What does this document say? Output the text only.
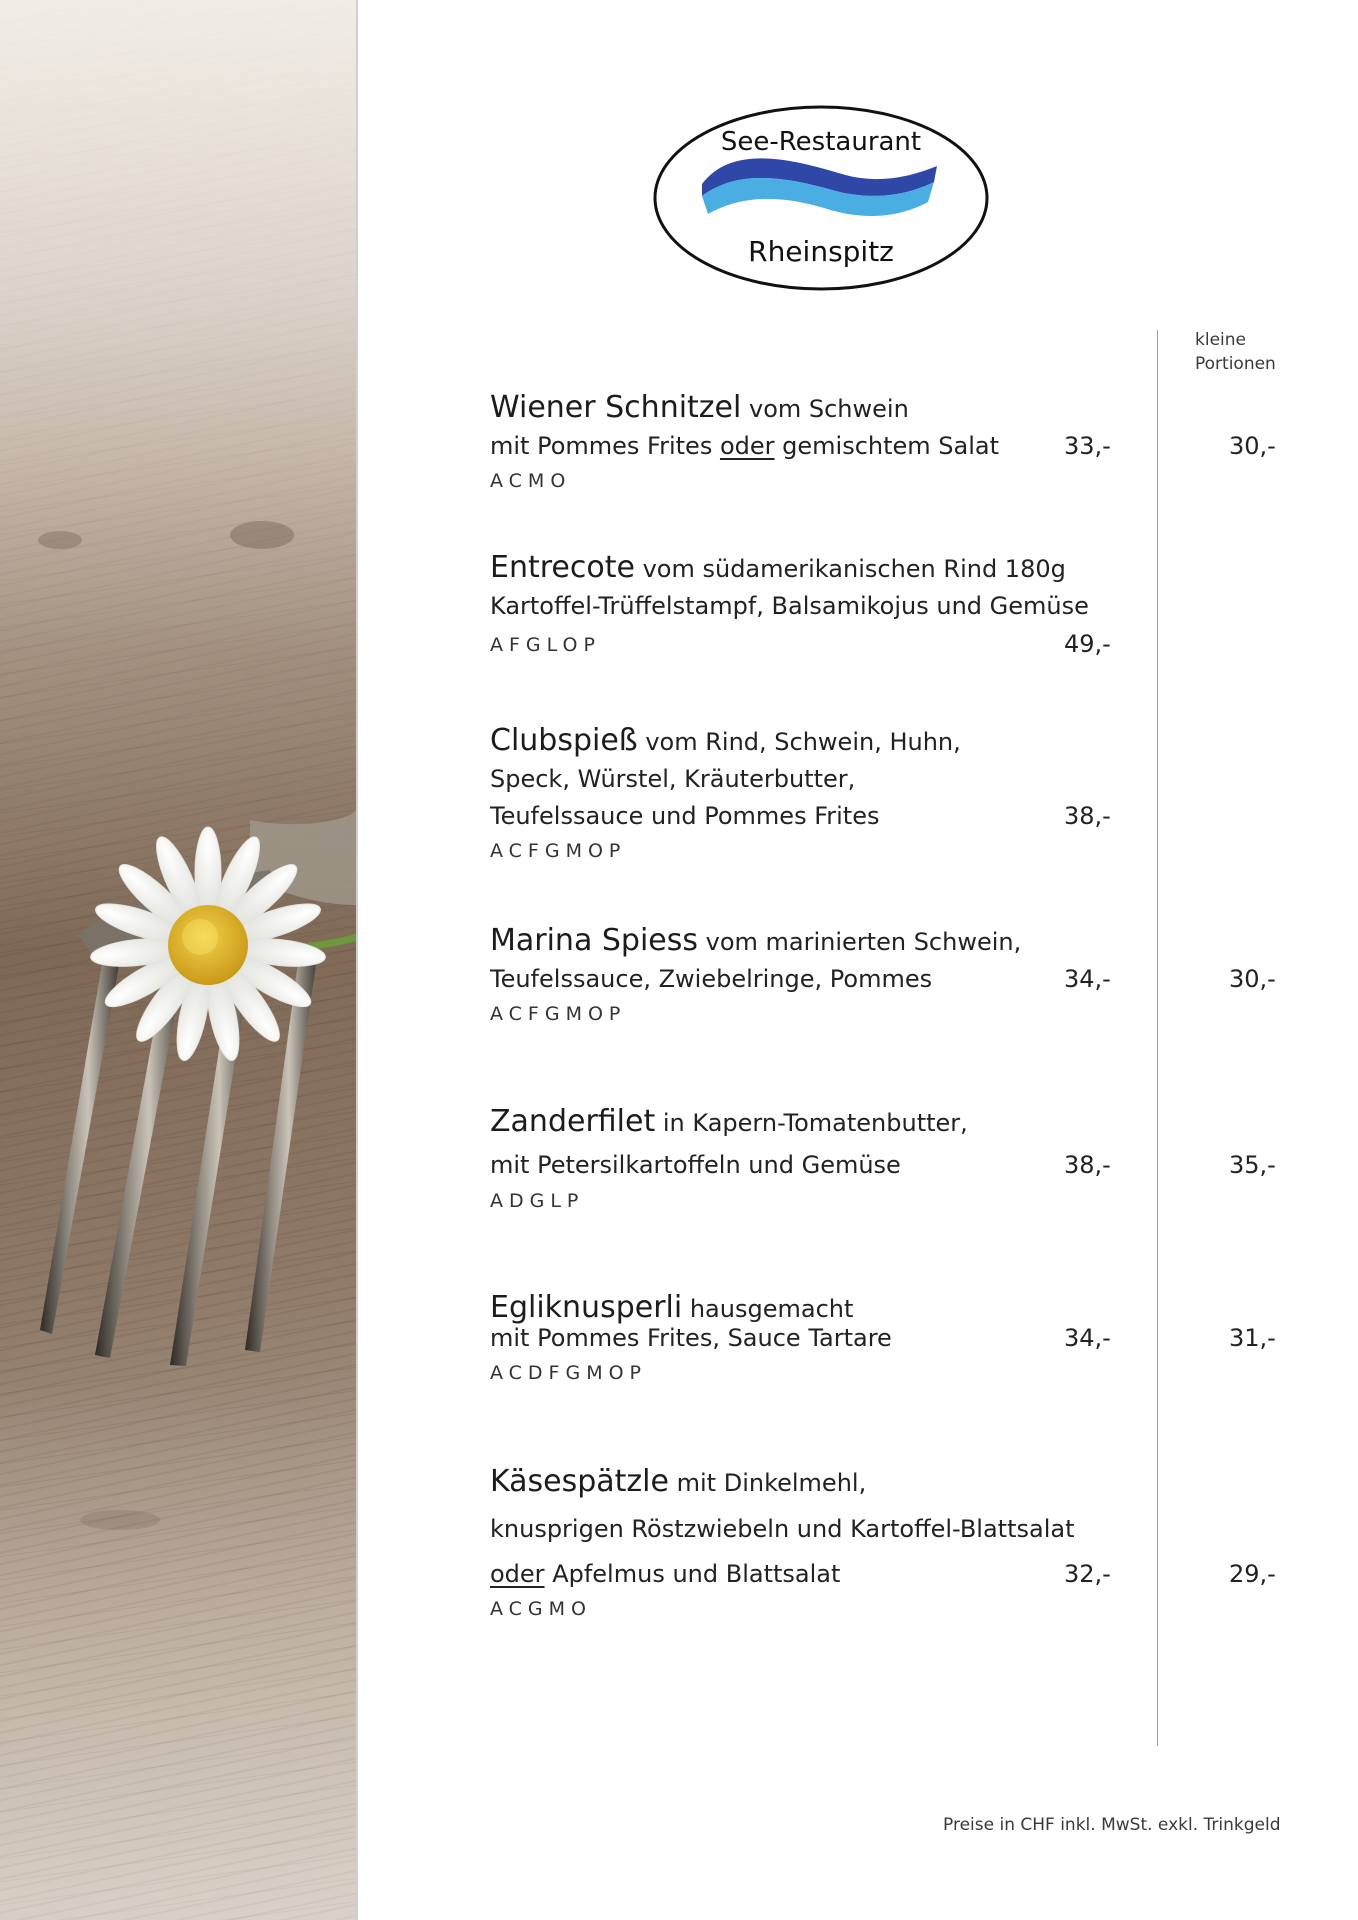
See-Restaurant
Rheinspitz
kleine
Portionen
Wiener Schnitzel vom Schwein
mit Pommes Frites oder gemischtem Salat
ACMO
33,-	30,-
Entrecote vom südamerikanischen Rind 180g
Kartoffel-Trüffelstampf, Balsamikojus und Gemüse
AFGLOP	49,-
Clubspieß vom Rind, Schwein, Huhn,
Speck, Würstel, Kräuterbutter,
Teufelssauce und Pommes Frites
ACFGMOP
38,-
Marina Spiess vom marinierten Schwein,
Teufelssauce, Zwiebelringe, Pommes
ACFGMOP
34,-	30,-
Zanderfilet in Kapern-Tomatenbutter,
mit Petersilkartoffeln und Gemüse
ADGLP
38,-	35,-
Egliknusperli hausgemacht
mit Pommes Frites, Sauce Tartare
ACDFGMOP
34,-	31,-
Käsespätzle mit Dinkelmehl,
knusprigen Röstzwiebeln und Kartoffel-Blattsalat
oder Apfelmus und Blattsalat
ACGMO
32,-	29,-
Preise in CHF inkl. MwSt. exkl. Trinkgeld
